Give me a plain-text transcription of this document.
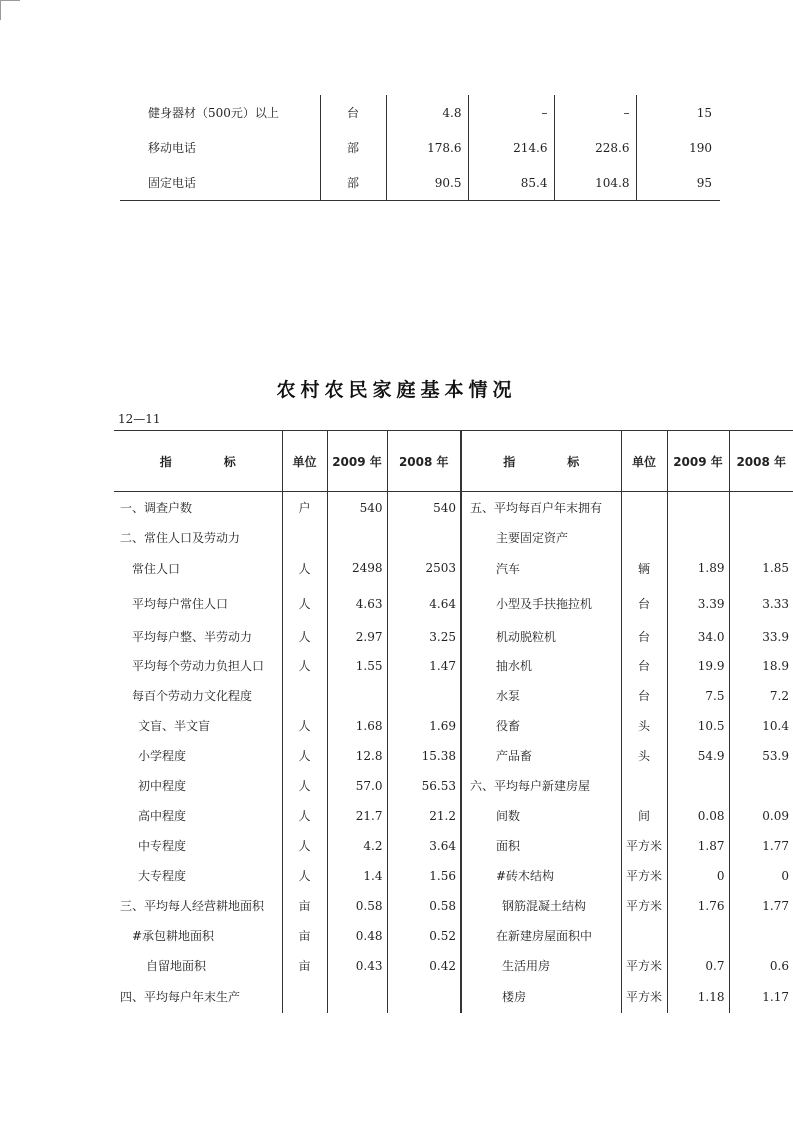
健身器材（500元）以上	台	4.8	–	–	15
移动电话	部	178.6	214.6	228.6	190
固定电话	部	90.5	85.4	104.8	95
农村农民家庭基本情况
12—11
指 标	单位	2009 年	2008 年	指 标	单位	2009 年	2008 年
一、调查户数	户	540	540	五、平均每百户年末拥有			
二、常住人口及劳动力				主要固定资产			
常住人口	人	2498	2503	汽车	辆	1.89	1.85
平均每户常住人口	人	4.63	4.64	小型及手扶拖拉机	台	3.39	3.33
平均每户整、半劳动力	人	2.97	3.25	机动脱粒机	台	34.0	33.9
平均每个劳动力负担人口	人	1.55	1.47	抽水机	台	19.9	18.9
每百个劳动力文化程度				水泵	台	7.5	7.2
文盲、半文盲	人	1.68	1.69	役畜	头	10.5	10.4
小学程度	人	12.8	15.38	产品畜	头	54.9	53.9
初中程度	人	57.0	56.53	六、平均每户新建房屋			
高中程度	人	21.7	21.2	间数	间	0.08	0.09
中专程度	人	4.2	3.64	面积	平方米	1.87	1.77
大专程度	人	1.4	1.56	#砖木结构	平方米	0	0
三、平均每人经营耕地面积	亩	0.58	0.58	钢筋混凝土结构	平方米	1.76	1.77
#承包耕地面积	亩	0.48	0.52	在新建房屋面积中			
自留地面积	亩	0.43	0.42	生活用房	平方米	0.7	0.6
四、平均每户年末生产				楼房	平方米	1.18	1.17
